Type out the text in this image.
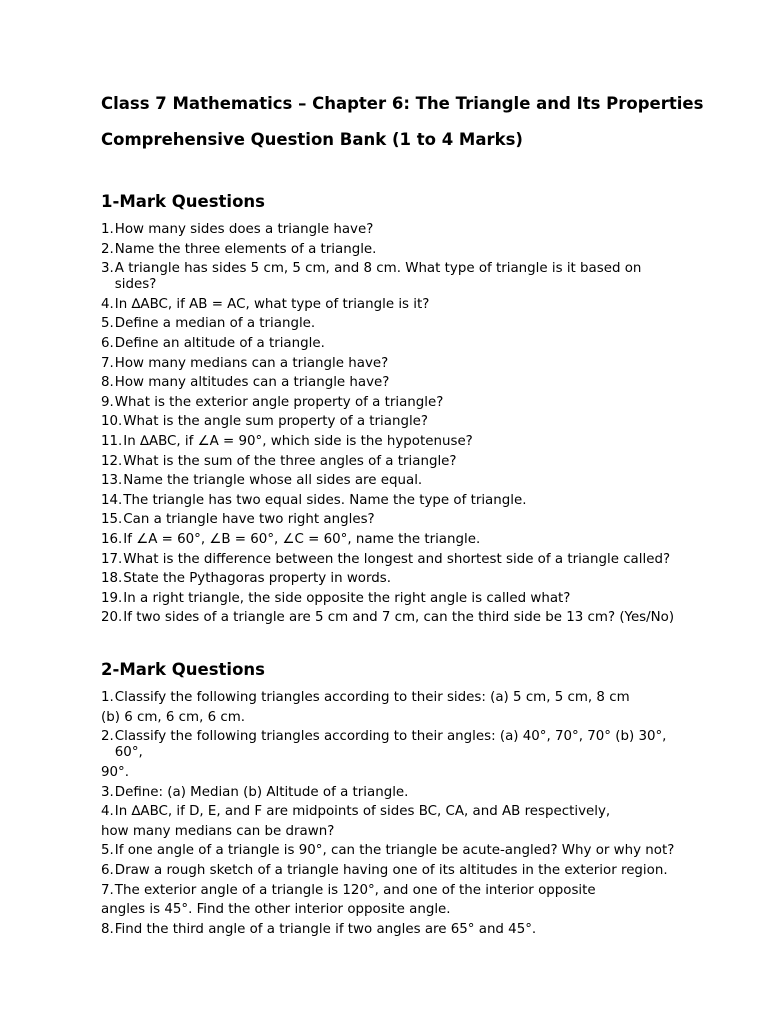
Class 7 Mathematics – Chapter 6: The Triangle and Its Properties
Comprehensive Question Bank (1 to 4 Marks)
1-Mark Questions
1. How many sides does a triangle have?
2. Name the three elements of a triangle.
3. A triangle has sides 5 cm, 5 cm, and 8 cm. What type of triangle is it based on sides?
4. In ∆ABC, if AB = AC, what type of triangle is it?
5. Define a median of a triangle.
6. Define an altitude of a triangle.
7. How many medians can a triangle have?
8. How many altitudes can a triangle have?
9. What is the exterior angle property of a triangle?
10. What is the angle sum property of a triangle?
11. In ∆ABC, if ∠A = 90°, which side is the hypotenuse?
12. What is the sum of the three angles of a triangle?
13. Name the triangle whose all sides are equal.
14. The triangle has two equal sides. Name the type of triangle.
15. Can a triangle have two right angles?
16. If ∠A = 60°, ∠B = 60°, ∠C = 60°, name the triangle.
17. What is the difference between the longest and shortest side of a triangle called?
18. State the Pythagoras property in words.
19. In a right triangle, the side opposite the right angle is called what?
20. If two sides of a triangle are 5 cm and 7 cm, can the third side be 13 cm? (Yes/No)
2-Mark Questions
1. Classify the following triangles according to their sides: (a) 5 cm, 5 cm, 8 cm

(b) 6 cm, 6 cm, 6 cm.

2. Classify the following triangles according to their angles: (a) 40°, 70°, 70° (b) 30°, 60°,

90°.

3. Define: (a) Median (b) Altitude of a triangle.
4. In ∆ABC, if D, E, and F are midpoints of sides BC, CA, and AB respectively,

how many medians can be drawn?

5. If one angle of a triangle is 90°, can the triangle be acute-angled? Why or why not?
6. Draw a rough sketch of a triangle having one of its altitudes in the exterior region.
7. The exterior angle of a triangle is 120°, and one of the interior opposite

angles is 45°. Find the other interior opposite angle.

8. Find the third angle of a triangle if two angles are 65° and 45°.
